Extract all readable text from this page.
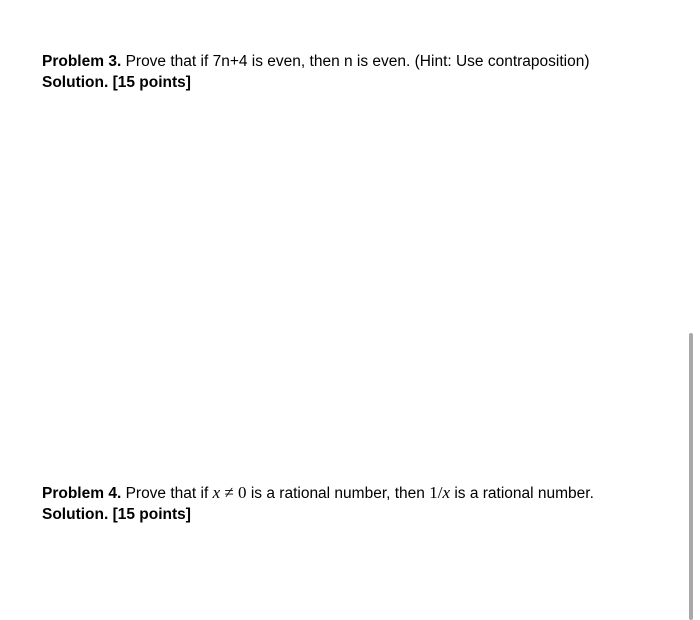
Problem 3. Prove that if 7n+4 is even, then n is even. (Hint: Use contraposition)
Solution. [15 points]
Problem 4. Prove that if x ≠ 0 is a rational number, then 1/x is a rational number.
Solution. [15 points]
